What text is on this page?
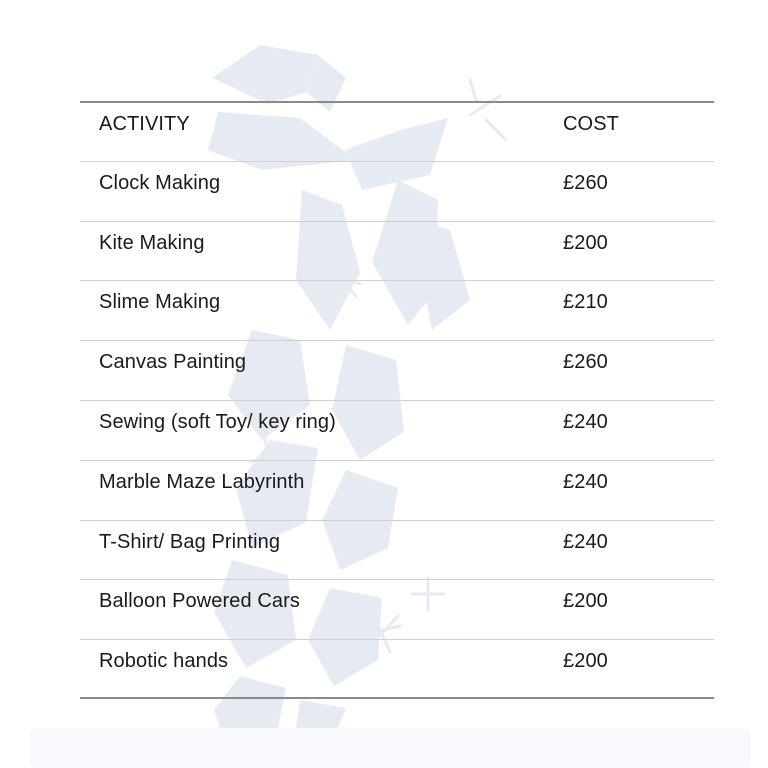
ACTIVITY	COST
Clock Making	£260
Kite Making	£200
Slime Making	£210
Canvas Painting	£260
Sewing (soft Toy/ key ring)	£240
Marble Maze Labyrinth	£240
T-Shirt/ Bag Printing	£240
Balloon Powered Cars	£200
Robotic hands	£200
